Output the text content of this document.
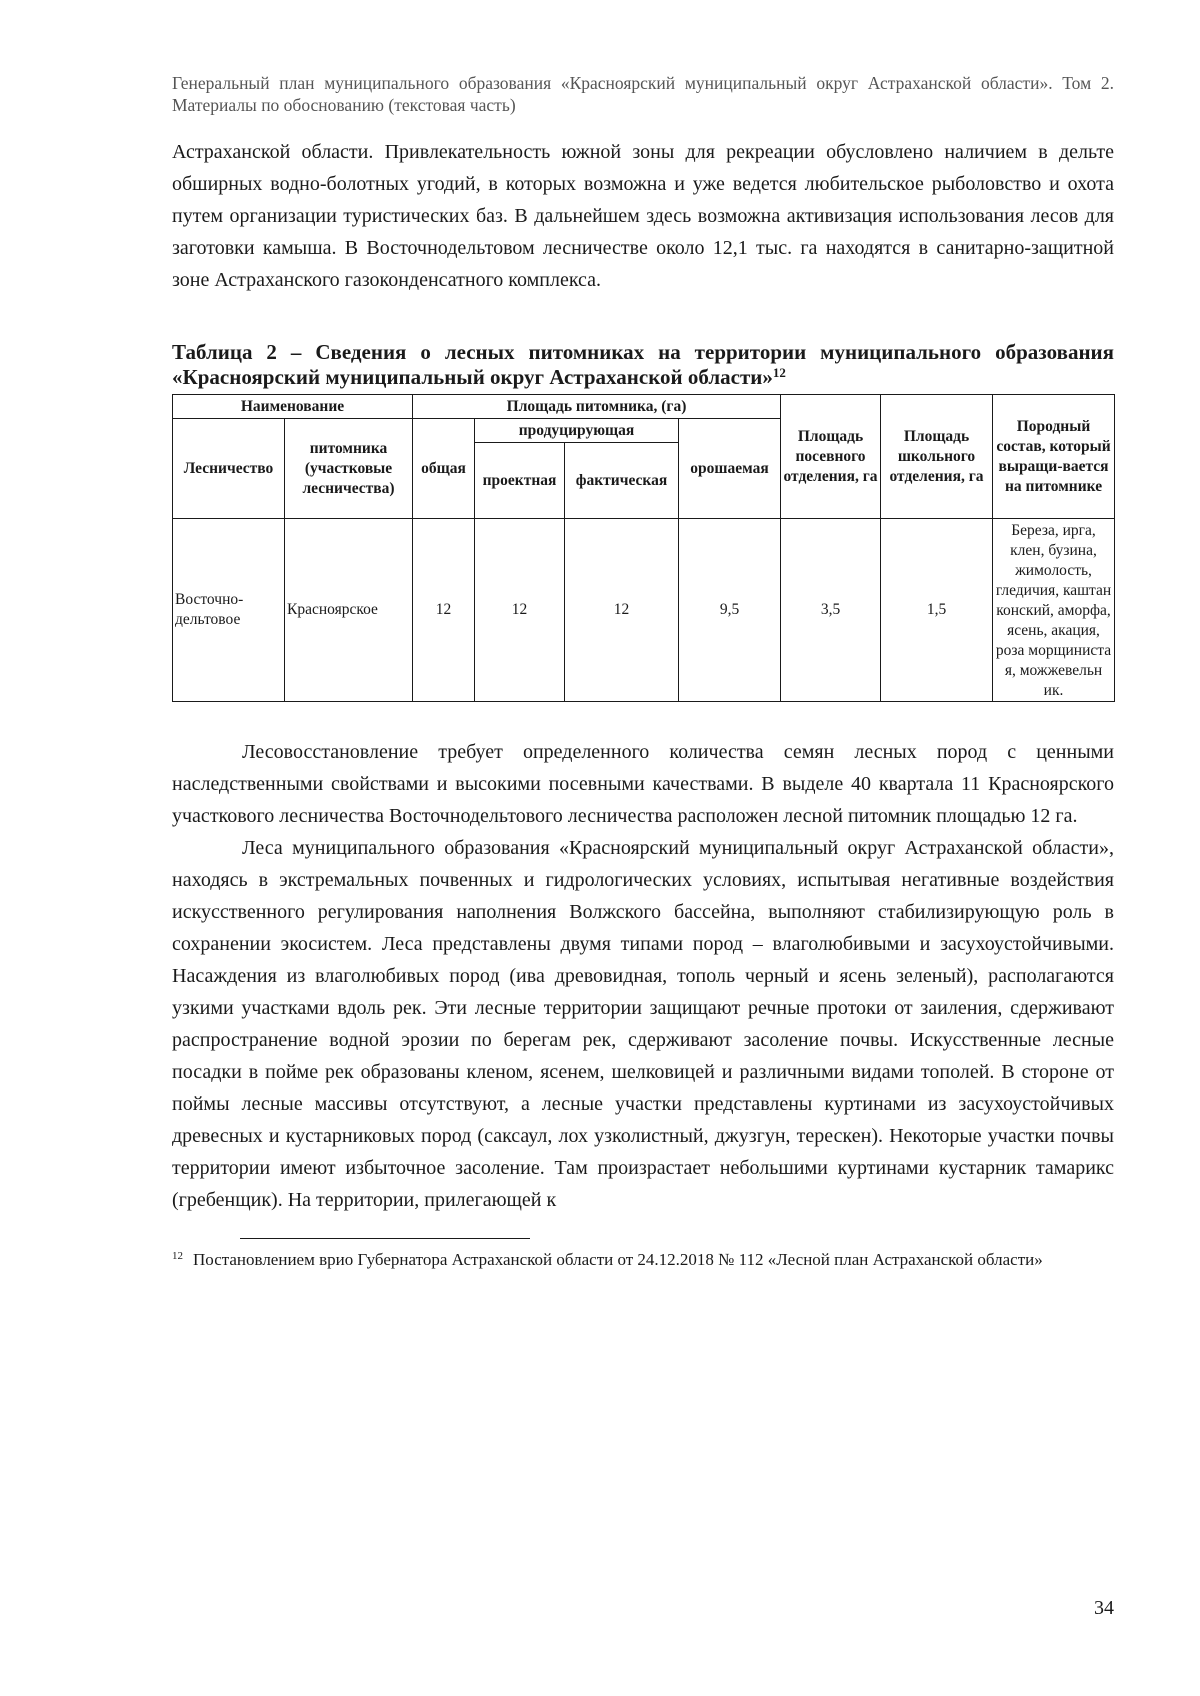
Генеральный план муниципального образования «Красноярский муниципальный округ Астраханской области». Том 2. Материалы по обоснованию (текстовая часть)

Астраханской области. Привлекательность южной зоны для рекреации обусловлено наличием в дельте обширных водно-болотных угодий, в которых возможна и уже ведется любительское рыболовство и охота путем организации туристических баз. В дальнейшем здесь возможна активизация использования лесов для заготовки камыша. В Восточнодельтовом лесничестве около 12,1 тыс. га находятся в санитарно-защитной зоне Астраханского газоконденсатного комплекса.

Таблица 2 – Сведения о лесных питомниках на территории муниципального образования «Красноярский муниципальный округ Астраханской области»$^{12}$

Наименование		Площадь питомника, (га)				Площадь посевного отделения, га	Площадь школьного отделения, га	Породный состав, который выращи-вается на питомнике
Лесничество	питомника (участковые лесничества)	общая	продуцирующая		орошаемая			
			проектная	фактическая				
Восточно-дельтовое	Красноярское	12	12	12	9,5	3,5	1,5	Береза, ирга, клен, бузина, жимолость, гледичия, каштан конский, аморфа, ясень, акация, роза морщиниста я, можжевельн ик.

Лесовосстановление требует определенного количества семян лесных пород с ценными наследственными свойствами и высокими посевными качествами. В выделе 40 квартала 11 Красноярского участкового лесничества Восточнодельтового лесничества расположен лесной питомник площадью 12 га.

Леса муниципального образования «Красноярский муниципальный округ Астраханской области», находясь в экстремальных почвенных и гидрологических условиях, испытывая негативные воздействия искусственного регулирования наполнения Волжского бассейна, выполняют стабилизирующую роль в сохранении экосистем. Леса представлены двумя типами пород – влаголюбивыми и засухоустойчивыми. Насаждения из влаголюбивых пород (ива древовидная, тополь черный и ясень зеленый), располагаются узкими участками вдоль рек. Эти лесные территории защищают речные протоки от заиления, сдерживают распространение водной эрозии по берегам рек, сдерживают засоление почвы. Искусственные лесные посадки в пойме рек образованы кленом, ясенем, шелковицей и различными видами тополей. В стороне от поймы лесные массивы отсутствуют, а лесные участки представлены куртинами из засухоустойчивых древесных и кустарниковых пород (саксаул, лох узколистный, джузгун, терескен). Некоторые участки почвы территории имеют избыточное засоление. Там произрастает небольшими куртинами кустарник тамарикс (гребенщик). На территории, прилегающей к

$^{12}$ Постановлением врио Губернатора Астраханской области от 24.12.2018 № 112 «Лесной план Астраханской области»

34
